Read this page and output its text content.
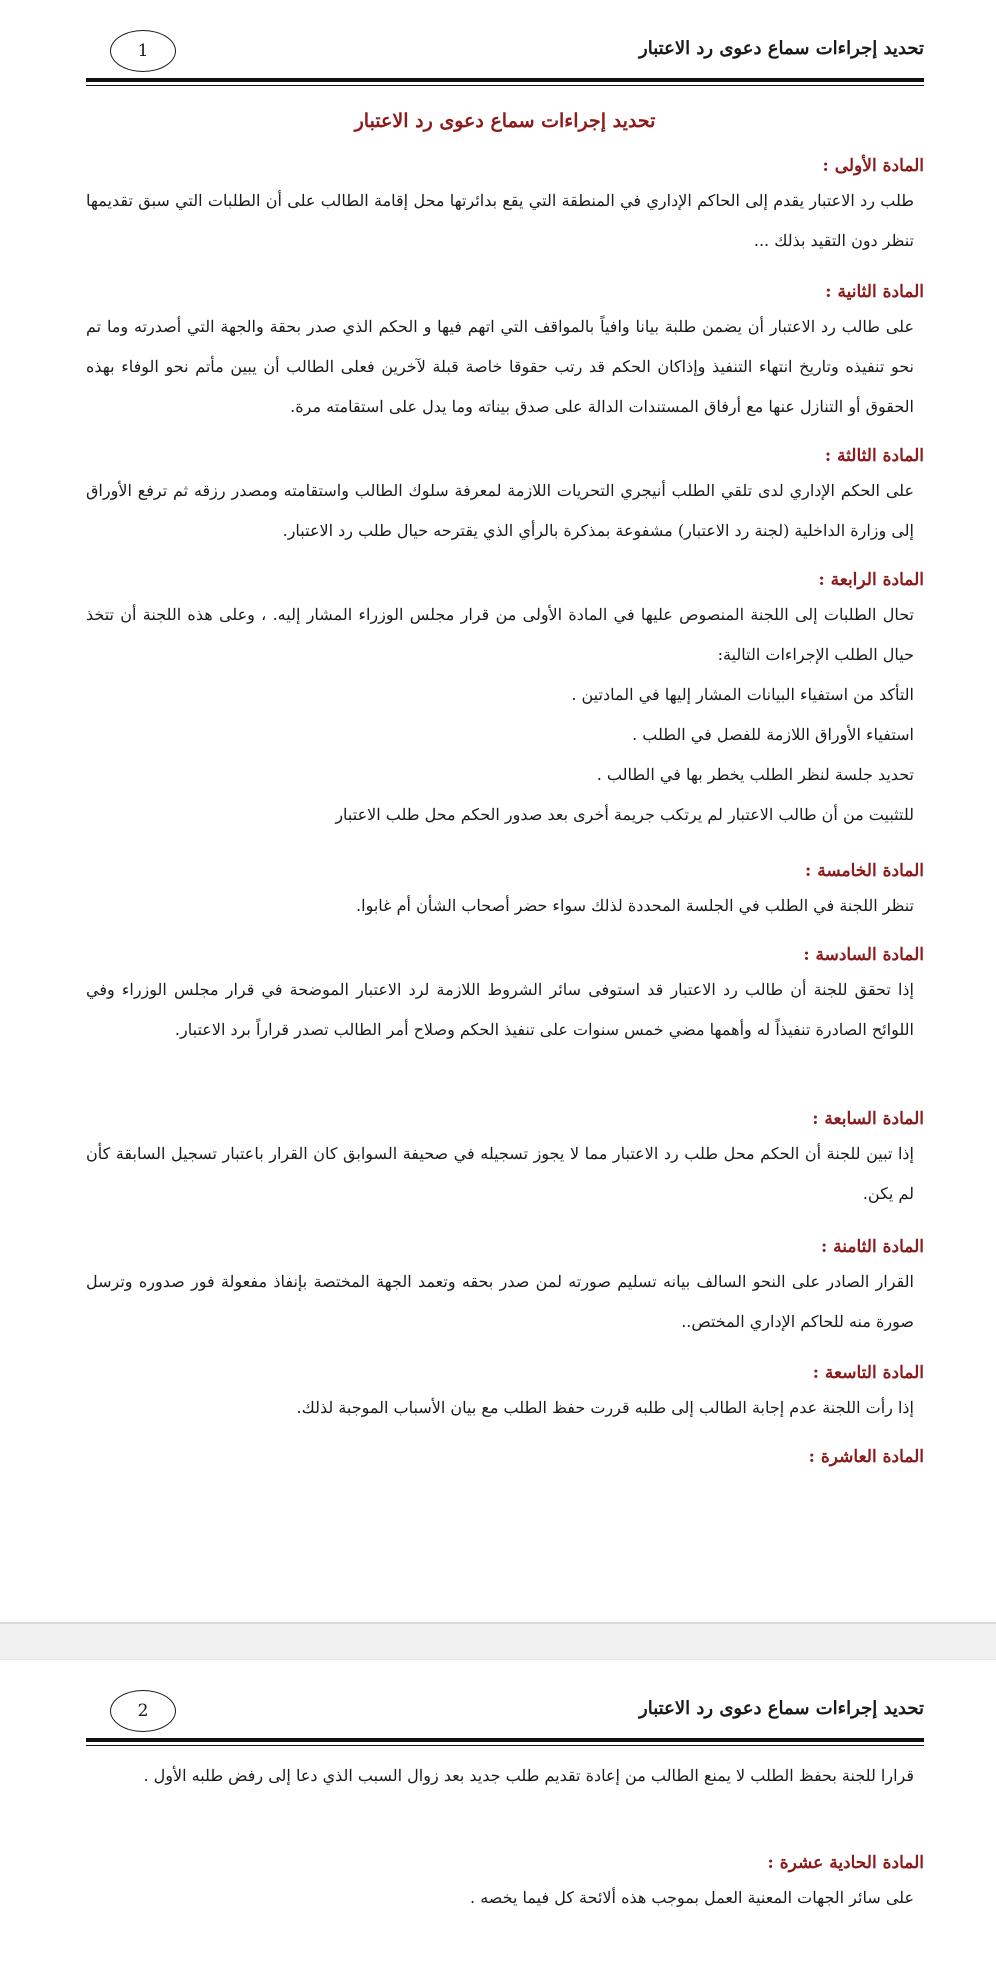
تحديد إجراءات سماع دعوى رد الاعتبار
1
تحديد إجراءات سماع دعوى رد الاعتبار
المادة الأولى :
طلب رد الاعتبار يقدم إلى الحاكم الإداري في المنطقة التي يقع بدائرتها محل إقامة الطالب على أن الطلبات التي سبق تقديمها تنظر دون التقيد بذلك ...
المادة الثانية :
على طالب رد الاعتبار أن يضمن طلبة بيانا وافياً بالمواقف التي اتهم فيها و الحكم الذي صدر بحقة والجهة التي أصدرته وما تم نحو تنفيذه وتاريخ انتهاء التنفيذ وإذاكان الحكم قد رتب حقوقا خاصة قبلة لآخرين فعلى الطالب أن يبين مأتم نحو الوفاء بهذه الحقوق أو التنازل عنها مع أرفاق المستندات الدالة على صدق بيناته وما يدل على استقامته مرة.
المادة الثالثة :
على الحكم الإداري لدى تلقي الطلب أنيجري التحريات اللازمة لمعرفة سلوك الطالب واستقامته ومصدر رزقه ثم ترفع الأوراق إلى وزارة الداخلية (لجنة رد الاعتبار) مشفوعة بمذكرة بالرأي الذي يقترحه حيال طلب رد الاعتبار.
المادة الرابعة :
تحال الطلبات إلى اللجنة المنصوص عليها في المادة الأولى من قرار مجلس الوزراء المشار إليه. ، وعلى هذه اللجنة أن تتخذ حيال الطلب الإجراءات التالية:
التأكد من استفياء البيانات المشار إليها في المادتين .
استفياء الأوراق اللازمة للفصل في الطلب .
تحديد جلسة لنظر الطلب يخطر بها في الطالب .
للتثبيت من أن طالب الاعتبار لم يرتكب جريمة أخرى بعد صدور الحكم محل طلب الاعتبار
المادة الخامسة :
تنظر اللجنة في الطلب في الجلسة المحددة لذلك سواء حضر أصحاب الشأن أم غابوا.
المادة السادسة :
إذا تحقق للجنة أن طالب رد الاعتبار قد استوفى سائر الشروط اللازمة لرد الاعتبار الموضحة في قرار مجلس الوزراء وفي اللوائح الصادرة تنفيذاً له وأهمها مضي خمس سنوات على تنفيذ الحكم وصلاح أمر الطالب تصدر قراراً برد الاعتبار.
المادة السابعة :
إذا تبين للجنة أن الحكم محل طلب رد الاعتبار مما لا يجوز تسجيله في صحيفة السوابق كان القرار باعتبار تسجيل السابقة كأن لم يكن.
المادة الثامنة :
القرار الصادر على النحو السالف بيانه تسليم صورته لمن صدر بحقه وتعمد الجهة المختصة بإنفاذ مفعولة فور صدوره وترسل صورة منه للحاكم الإداري المختص..
المادة التاسعة :
إذا رأت اللجنة عدم إجابة الطالب إلى طلبه قررت حفظ الطلب مع بيان الأسباب الموجبة لذلك.
المادة العاشرة :
تحديد إجراءات سماع دعوى رد الاعتبار
2
قرارا للجنة بحفظ الطلب لا يمنع الطالب من إعادة تقديم طلب جديد بعد زوال السبب الذي دعا إلى رفض طلبه الأول .
المادة الحادية عشرة :
على سائر الجهات المعنية العمل بموجب هذه ألائحة كل فيما يخصه .
